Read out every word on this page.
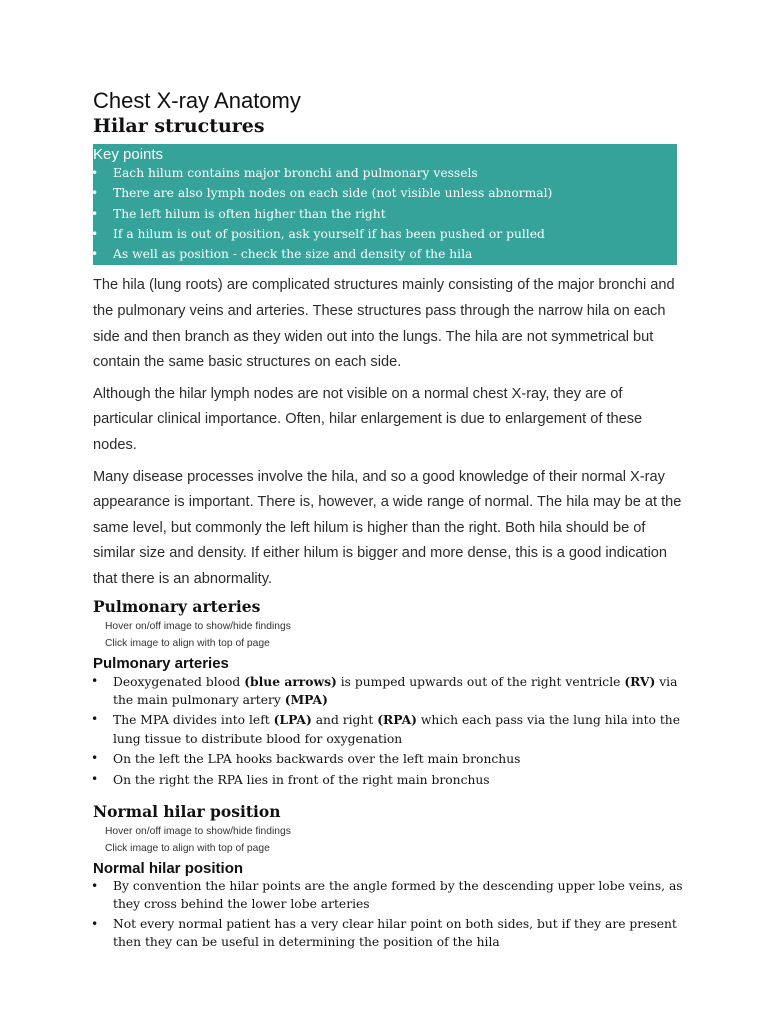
Chest X-ray Anatomy
Hilar structures
Key points
• Each hilum contains major bronchi and pulmonary vessels
• There are also lymph nodes on each side (not visible unless abnormal)
• The left hilum is often higher than the right
• If a hilum is out of position, ask yourself if has been pushed or pulled
• As well as position - check the size and density of the hila

The hila (lung roots) are complicated structures mainly consisting of the major bronchi and the pulmonary veins and arteries. These structures pass through the narrow hila on each side and then branch as they widen out into the lungs. The hila are not symmetrical but contain the same basic structures on each side.

Although the hilar lymph nodes are not visible on a normal chest X-ray, they are of particular clinical importance. Often, hilar enlargement is due to enlargement of these nodes.

Many disease processes involve the hila, and so a good knowledge of their normal X-ray appearance is important. There is, however, a wide range of normal. The hila may be at the same level, but commonly the left hilum is higher than the right. Both hila should be of similar size and density. If either hilum is bigger and more dense, this is a good indication that there is an abnormality.

Pulmonary arteries
Hover on/off image to show/hide findings
Click image to align with top of page
Pulmonary arteries
• Deoxygenated blood (blue arrows) is pumped upwards out of the right ventricle (RV) via the main pulmonary artery (MPA)
• The MPA divides into left (LPA) and right (RPA) which each pass via the lung hila into the lung tissue to distribute blood for oxygenation
• On the left the LPA hooks backwards over the left main bronchus
• On the right the RPA lies in front of the right main bronchus
Normal hilar position
Hover on/off image to show/hide findings
Click image to align with top of page
Normal hilar position
• By convention the hilar points are the angle formed by the descending upper lobe veins, as they cross behind the lower lobe arteries
• Not every normal patient has a very clear hilar point on both sides, but if they are present then they can be useful in determining the position of the hila
